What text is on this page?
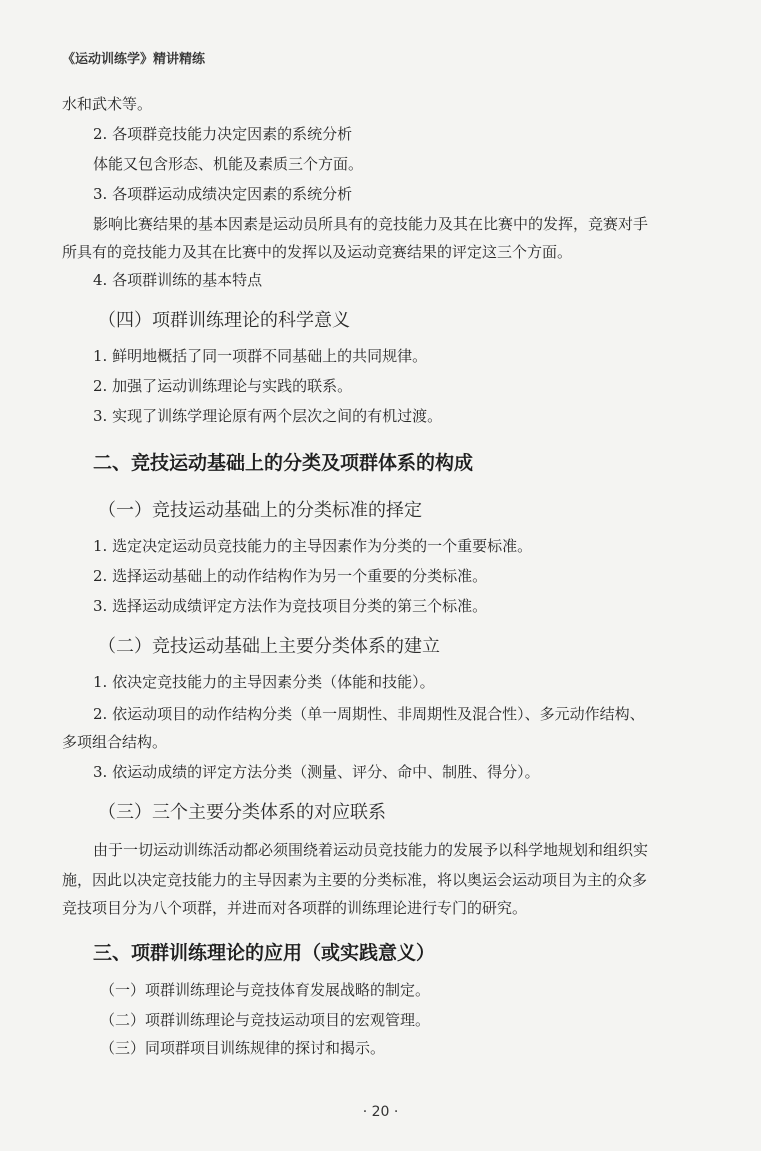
《运动训练学》精讲精练
水和武术等。
2. 各项群竞技能力决定因素的系统分析
体能又包含形态、机能及素质三个方面。
3. 各项群运动成绩决定因素的系统分析
影响比赛结果的基本因素是运动员所具有的竞技能力及其在比赛中的发挥，竞赛对手
所具有的竞技能力及其在比赛中的发挥以及运动竞赛结果的评定这三个方面。
4. 各项群训练的基本特点
（四）项群训练理论的科学意义
1. 鲜明地概括了同一项群不同基础上的共同规律。
2. 加强了运动训练理论与实践的联系。
3. 实现了训练学理论原有两个层次之间的有机过渡。
二、竞技运动基础上的分类及项群体系的构成
（一）竞技运动基础上的分类标准的择定
1. 选定决定运动员竞技能力的主导因素作为分类的一个重要标准。
2. 选择运动基础上的动作结构作为另一个重要的分类标准。
3. 选择运动成绩评定方法作为竞技项目分类的第三个标准。
（二）竞技运动基础上主要分类体系的建立
1. 依决定竞技能力的主导因素分类（体能和技能）。
2. 依运动项目的动作结构分类（单一周期性、非周期性及混合性）、多元动作结构、
多项组合结构。
3. 依运动成绩的评定方法分类（测量、评分、命中、制胜、得分）。
（三）三个主要分类体系的对应联系
由于一切运动训练活动都必须围绕着运动员竞技能力的发展予以科学地规划和组织实
施，因此以决定竞技能力的主导因素为主要的分类标准，将以奥运会运动项目为主的众多
竞技项目分为八个项群，并进而对各项群的训练理论进行专门的研究。
三、项群训练理论的应用（或实践意义）
（一）项群训练理论与竞技体育发展战略的制定。
（二）项群训练理论与竞技运动项目的宏观管理。
（三）同项群项目训练规律的探讨和揭示。
· 20 ·
